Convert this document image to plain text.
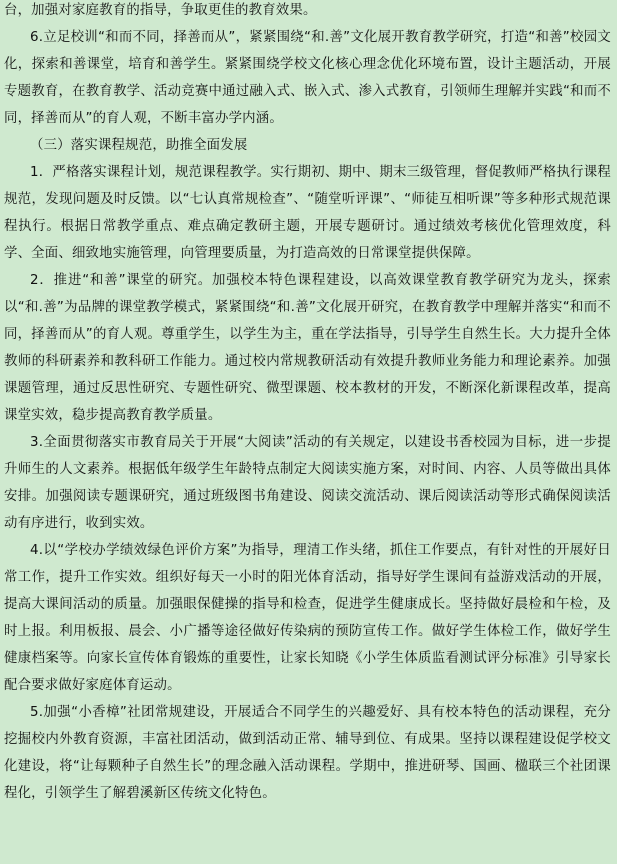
台，加强对家庭教育的指导，争取更佳的教育效果。

6.立足校训“和而不同，择善而从”，紧紧围绕“和.善”文化展开教育教学研究，打造“和善”校园文化，探索和善课堂，培育和善学生。紧紧围绕学校文化核心理念优化环境布置，设计主题活动，开展专题教育，在教育教学、活动竞赛中通过融入式、嵌入式、渗入式教育，引领师生理解并实践“和而不同，择善而从”的育人观，不断丰富办学内涵。

（三）落实课程规范，助推全面发展

1．严格落实课程计划，规范课程教学。实行期初、期中、期末三级管理，督促教师严格执行课程规范，发现问题及时反馈。以“七认真常规检查”、“随堂听评课”、“师徒互相听课”等多种形式规范课程执行。根据日常教学重点、难点确定教研主题，开展专题研讨。通过绩效考核优化管理效度，科学、全面、细致地实施管理，向管理要质量，为打造高效的日常课堂提供保障。

2．推进“和善”课堂的研究。加强校本特色课程建设，以高效课堂教育教学研究为龙头，探索以“和.善”为品牌的课堂教学模式，紧紧围绕“和.善”文化展开研究，在教育教学中理解并落实“和而不同，择善而从”的育人观。尊重学生，以学生为主，重在学法指导，引导学生自然生长。大力提升全体教师的科研素养和教科研工作能力。通过校内常规教研活动有效提升教师业务能力和理论素养。加强课题管理，通过反思性研究、专题性研究、微型课题、校本教材的开发，不断深化新课程改革，提高课堂实效，稳步提高教育教学质量。

3.全面贯彻落实市教育局关于开展“大阅读”活动的有关规定，以建设书香校园为目标，进一步提升师生的人文素养。根据低年级学生年龄特点制定大阅读实施方案，对时间、内容、人员等做出具体安排。加强阅读专题课研究，通过班级图书角建设、阅读交流活动、课后阅读活动等形式确保阅读活动有序进行，收到实效。

4.以“学校办学绩效绿色评价方案”为指导，理清工作头绪，抓住工作要点，有针对性的开展好日常工作，提升工作实效。组织好每天一小时的阳光体育活动，指导好学生课间有益游戏活动的开展，提高大课间活动的质量。加强眼保健操的指导和检查，促进学生健康成长。坚持做好晨检和午检，及时上报。利用板报、晨会、小广播等途径做好传染病的预防宣传工作。做好学生体检工作，做好学生健康档案等。向家长宣传体育锻炼的重要性，让家长知晓《小学生体质监看测试评分标准》引导家长配合要求做好家庭体育运动。

5.加强“小香樟”社团常规建设，开展适合不同学生的兴趣爱好、具有校本特色的活动课程，充分挖掘校内外教育资源，丰富社团活动，做到活动正常、辅导到位、有成果。坚持以课程建设促学校文化建设，将“让每颗种子自然生长”的理念融入活动课程。学期中，推进研琴、国画、楹联三个社团课程化，引领学生了解碧溪新区传统文化特色。
